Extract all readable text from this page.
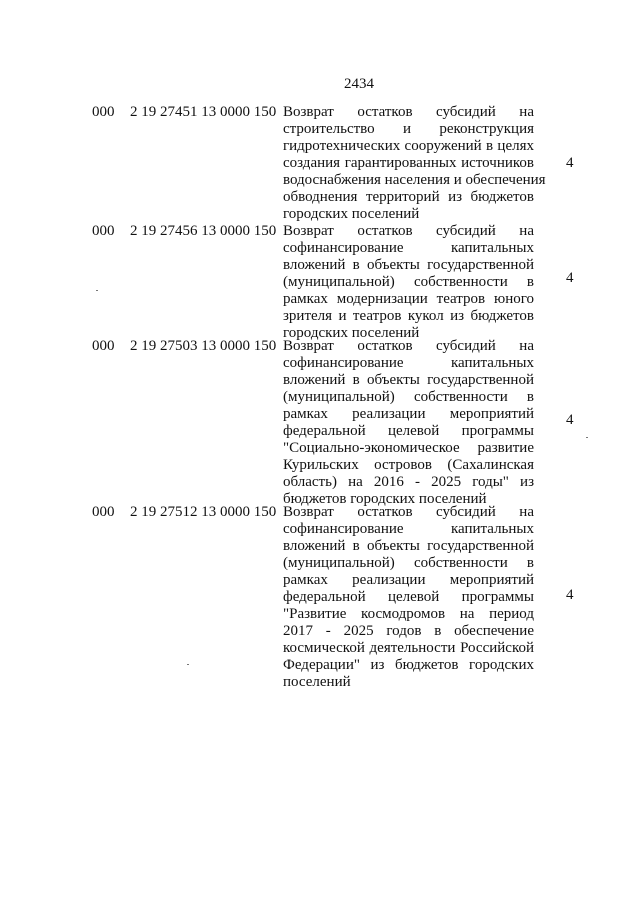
2434
000 2 19 27451 13 0000 150 Возврат остатков субсидий на
строительство и реконструкция
гидротехнических сооружений в целях
создания гарантированных источников
водоснабжения населения и обеспечения
обводнения территорий из бюджетов
городских поселений
4
000 2 19 27456 13 0000 150 Возврат остатков субсидий на
софинансирование капитальных
вложений в объекты государственной
(муниципальной) собственности в
рамках модернизации театров юного
зрителя и театров кукол из бюджетов
городских поселений
4
000 2 19 27503 13 0000 150 Возврат остатков субсидий на
софинансирование капитальных
вложений в объекты государственной
(муниципальной) собственности в
рамках реализации мероприятий
федеральной целевой программы
"Социально-экономическое развитие
Курильских островов (Сахалинская
область) на 2016 - 2025 годы" из
бюджетов городских поселений
4
000 2 19 27512 13 0000 150 Возврат остатков субсидий на
софинансирование капитальных
вложений в объекты государственной
(муниципальной) собственности в
рамках реализации мероприятий
федеральной целевой программы
"Развитие космодромов на период
2017 - 2025 годов в обеспечение
космической деятельности Российской
Федерации" из бюджетов городских
поселений
4
